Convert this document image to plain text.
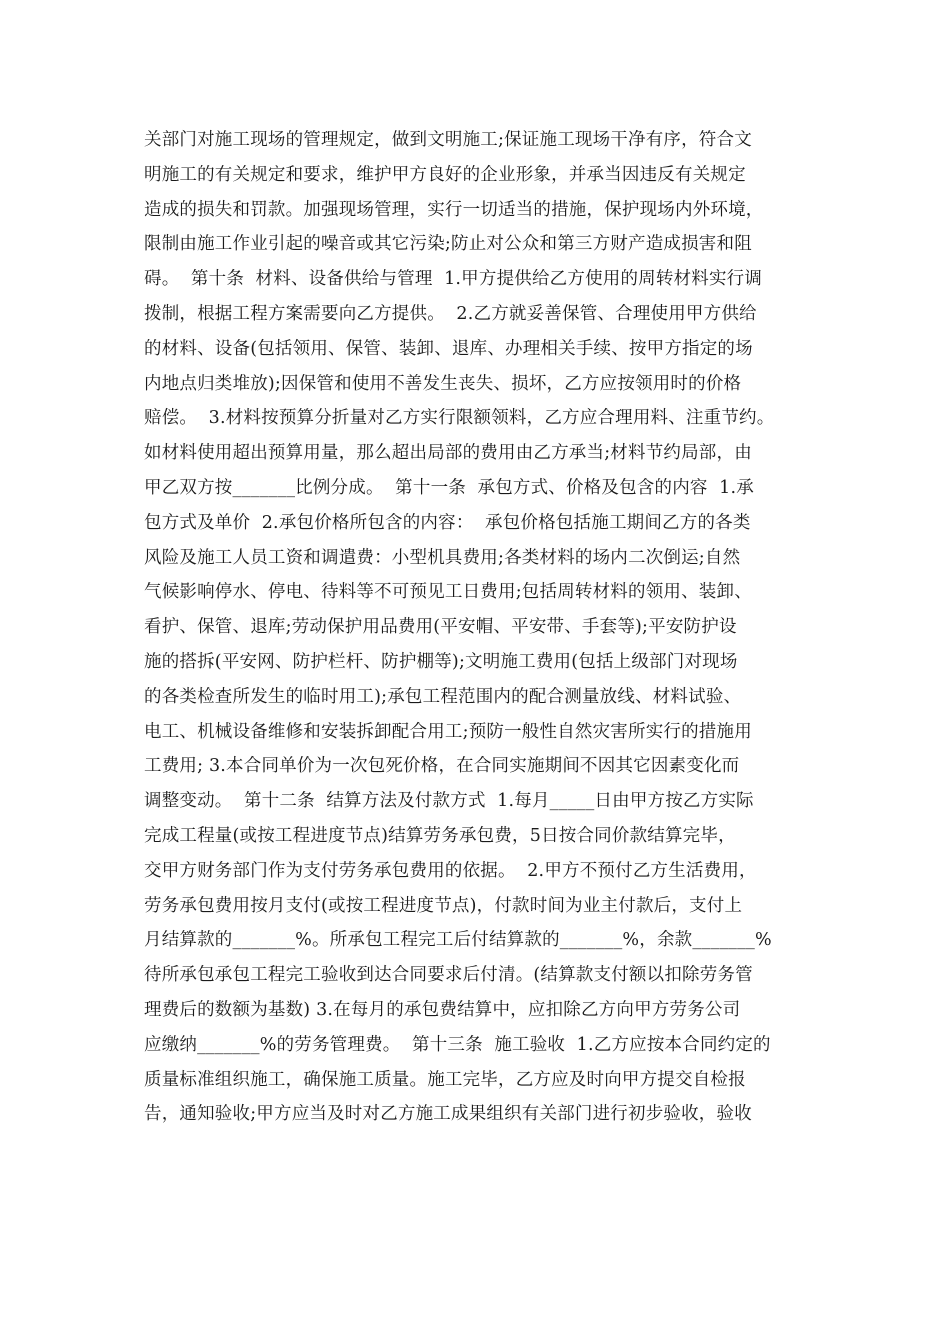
关部门对施工现场的管理规定，做到文明施工;保证施工现场干净有序，符合文
明施工的有关规定和要求，维护甲方良好的企业形象，并承当因违反有关规定
造成的损失和罚款。加强现场管理，实行一切适当的措施，保护现场内外环境，
限制由施工作业引起的噪音或其它污染;防止对公众和第三方财产造成损害和阻
碍。  第十条  材料、设备供给与管理  1.甲方提供给乙方使用的周转材料实行调
拨制，根据工程方案需要向乙方提供。  2.乙方就妥善保管、合理使用甲方供给
的材料、设备(包括领用、保管、装卸、退库、办理相关手续、按甲方指定的场
内地点归类堆放);因保管和使用不善发生丧失、损坏，乙方应按领用时的价格
赔偿。  3.材料按预算分折量对乙方实行限额领料，乙方应合理用料、注重节约。
如材料使用超出预算用量，那么超出局部的费用由乙方承当;材料节约局部，由
甲乙双方按_______比例分成。  第十一条  承包方式、价格及包含的内容  1.承
包方式及单价  2.承包价格所包含的内容：  承包价格包括施工期间乙方的各类
风险及施工人员工资和调遣费：小型机具费用;各类材料的场内二次倒运;自然
气候影响停水、停电、待料等不可预见工日费用;包括周转材料的领用、装卸、
看护、保管、退库;劳动保护用品费用(平安帽、平安带、手套等);平安防护设
施的搭拆(平安网、防护栏杆、防护棚等);文明施工费用(包括上级部门对现场
的各类检查所发生的临时用工);承包工程范围内的配合测量放线、材料试验、
电工、机械设备维修和安装拆卸配合用工;预防一般性自然灾害所实行的措施用
工费用; 3.本合同单价为一次包死价格，在合同实施期间不因其它因素变化而
调整变动。  第十二条  结算方法及付款方式  1.每月_____日由甲方按乙方实际
完成工程量(或按工程进度节点)结算劳务承包费，5日按合同价款结算完毕，
交甲方财务部门作为支付劳务承包费用的依据。  2.甲方不预付乙方生活费用，
劳务承包费用按月支付(或按工程进度节点)，付款时间为业主付款后，支付上
月结算款的_______%。所承包工程完工后付结算款的_______%，余款_______%
待所承包承包工程完工验收到达合同要求后付清。(结算款支付额以扣除劳务管
理费后的数额为基数) 3.在每月的承包费结算中，应扣除乙方向甲方劳务公司
应缴纳_______%的劳务管理费。  第十三条  施工验收  1.乙方应按本合同约定的
质量标准组织施工，确保施工质量。施工完毕，乙方应及时向甲方提交自检报
告，通知验收;甲方应当及时对乙方施工成果组织有关部门进行初步验收，验收
